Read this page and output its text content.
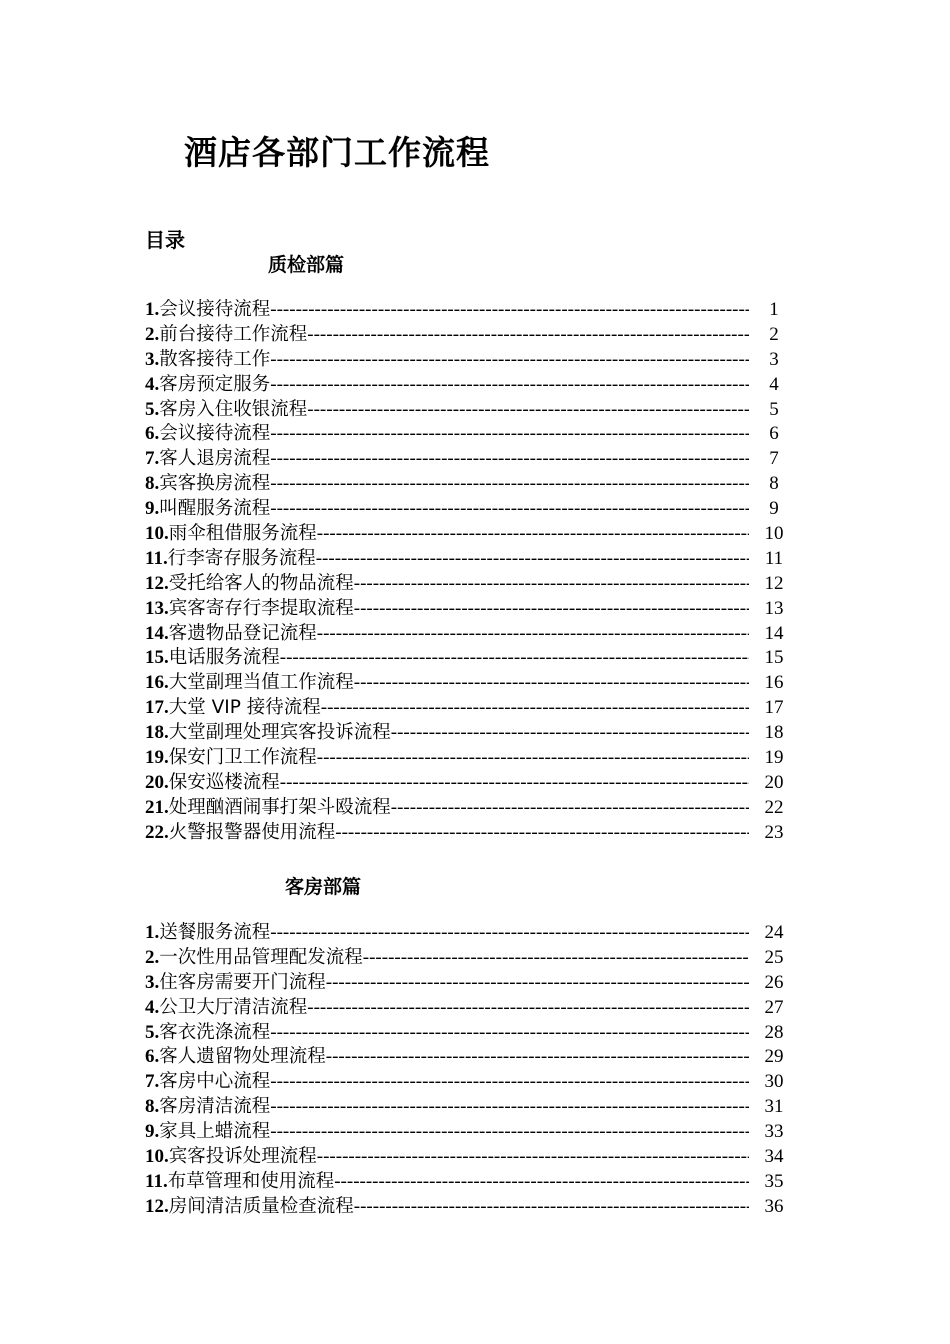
酒店各部门工作流程
目录
质检部篇
1. 会议接待流程 -----	1
2. 前台接待工作流程 -----	2
3. 散客接待工作 -----	3
4. 客房预定服务 -----	4
5. 客房入住收银流程 -----	5
6. 会议接待流程 -----	6
7. 客人退房流程 -----	7
8. 宾客换房流程 -----	8
9. 叫醒服务流程 -----	9
10. 雨伞租借服务流程 -----	10
11. 行李寄存服务流程 -----	11
12. 受托给客人的物品流程 -----	12
13. 宾客寄存行李提取流程 -----	13
14. 客遗物品登记流程 -----	14
15. 电话服务流程 -----	15
16. 大堂副理当值工作流程 -----	16
17. 大堂 VIP 接待流程 -----	17
18. 大堂副理处理宾客投诉流程 -----	18
19. 保安门卫工作流程 -----	19
20. 保安巡楼流程 -----	20
21. 处理酗酒闹事打架斗殴流程 -----	22
22. 火警报警器使用流程 -----	23
客房部篇
1. 送餐服务流程 -----	24
2. 一次性用品管理配发流程 -----	25
3. 住客房需要开门流程 -----	26
4. 公卫大厅清洁流程 -----	27
5. 客衣洗涤流程 -----	28
6. 客人遗留物处理流程 -----	29
7. 客房中心流程 -----	30
8. 客房清洁流程 -----	31
9. 家具上蜡流程 -----	33
10. 宾客投诉处理流程 -----	34
11. 布草管理和使用流程 -----	35
12. 房间清洁质量检查流程 -----	36
